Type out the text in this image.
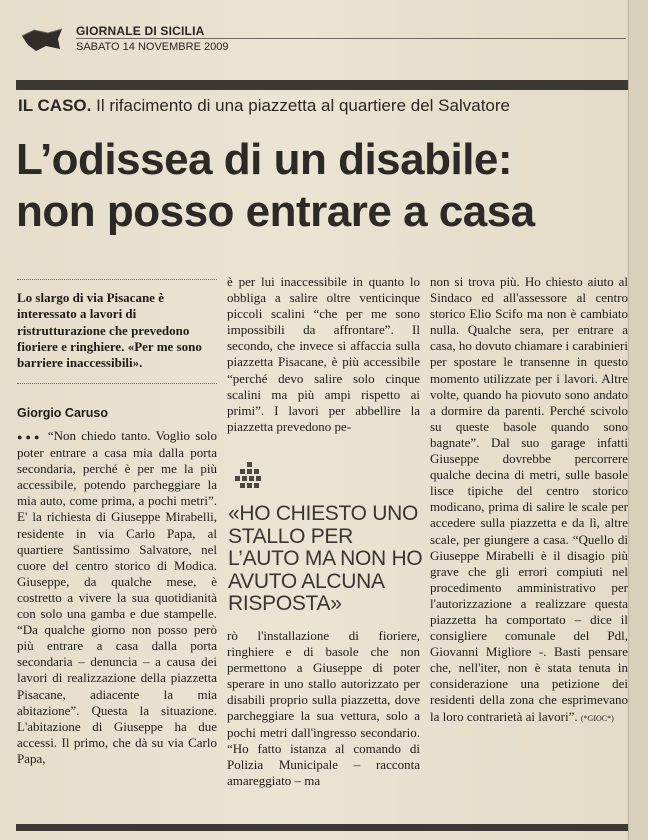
GIORNALE DI SICILIA
SABATO 14 NOVEMBRE 2009
IL CASO. Il rifacimento di una piazzetta al quartiere del Salvatore
L’odissea di un disabile:
non posso entrare a casa
Lo slargo di via Pisacane è interessato a lavori di ristrutturazione che prevedono fioriere e ringhiere. «Per me sono barriere inaccessibili».
Giorgio Caruso
●●● “Non chiedo tanto. Voglio solo poter entrare a casa mia dalla porta secondaria, perché è per me la più accessibile, potendo parcheggiare la mia auto, come prima, a pochi metri”. E' la richiesta di Giuseppe Mirabelli, residente in via Carlo Papa, al quartiere Santissimo Salvatore, nel cuore del centro storico di Modica. Giuseppe, da qualche mese, è costretto a vivere la sua quotidianità con solo una gamba e due stampelle. “Da qualche giorno non posso però più entrare a casa dalla porta secondaria – denuncia – a causa dei lavori di realizzazione della piazzetta Pisacane, adiacente la mia abitazione”. Questa la situazione. L'abitazione di Giuseppe ha due accessi. Il primo, che dà su via Carlo Papa,
è per lui inaccessibile in quanto lo obbliga a salire oltre venticinque piccoli scalini “che per me sono impossibili da affrontare”. Il secondo, che invece si affaccia sulla piazzetta Pisacane, è più accessibile “perché devo salire solo cinque scalini ma più ampi rispetto ai primi”. I lavori per abbellire la piazzetta prevedono pe-
«HO CHIESTO UNO STALLO PER L’AUTO MA NON HO AVUTO ALCUNA RISPOSTA»
rò l'installazione di fioriere, ringhiere e di basole che non permettono a Giuseppe di poter sperare in uno stallo autorizzato per disabili proprio sulla piazzetta, dove parcheggiare la sua vettura, solo a pochi metri dall'ingresso secondario. “Ho fatto istanza al comando di Polizia Municipale – racconta amareggiato – ma
non si trova più. Ho chiesto aiuto al Sindaco ed all'assessore al centro storico Elio Scifo ma non è cambiato nulla. Qualche sera, per entrare a casa, ho dovuto chiamare i carabinieri per spostare le transenne in questo momento utilizzate per i lavori. Altre volte, quando ha piovuto sono andato a dormire da parenti. Perché scivolo su queste basole quando sono bagnate”. Dal suo garage infatti Giuseppe dovrebbe percorrere qualche decina di metri, sulle basole lisce tipiche del centro storico modicano, prima di salire le scale per accedere sulla piazzetta e da lì, altre scale, per giungere a casa. “Quello di Giuseppe Mirabelli è il disagio più grave che gli errori compiuti nel procedimento amministrativo per l'autorizzazione a realizzare questa piazzetta ha comportato – dice il consigliere comunale del Pdl, Giovanni Migliore -. Basti pensare che, nell'iter, non è stata tenuta in considerazione una petizione dei residenti della zona che esprimevano la loro contrarietà ai lavori”. (*GIOC*)
